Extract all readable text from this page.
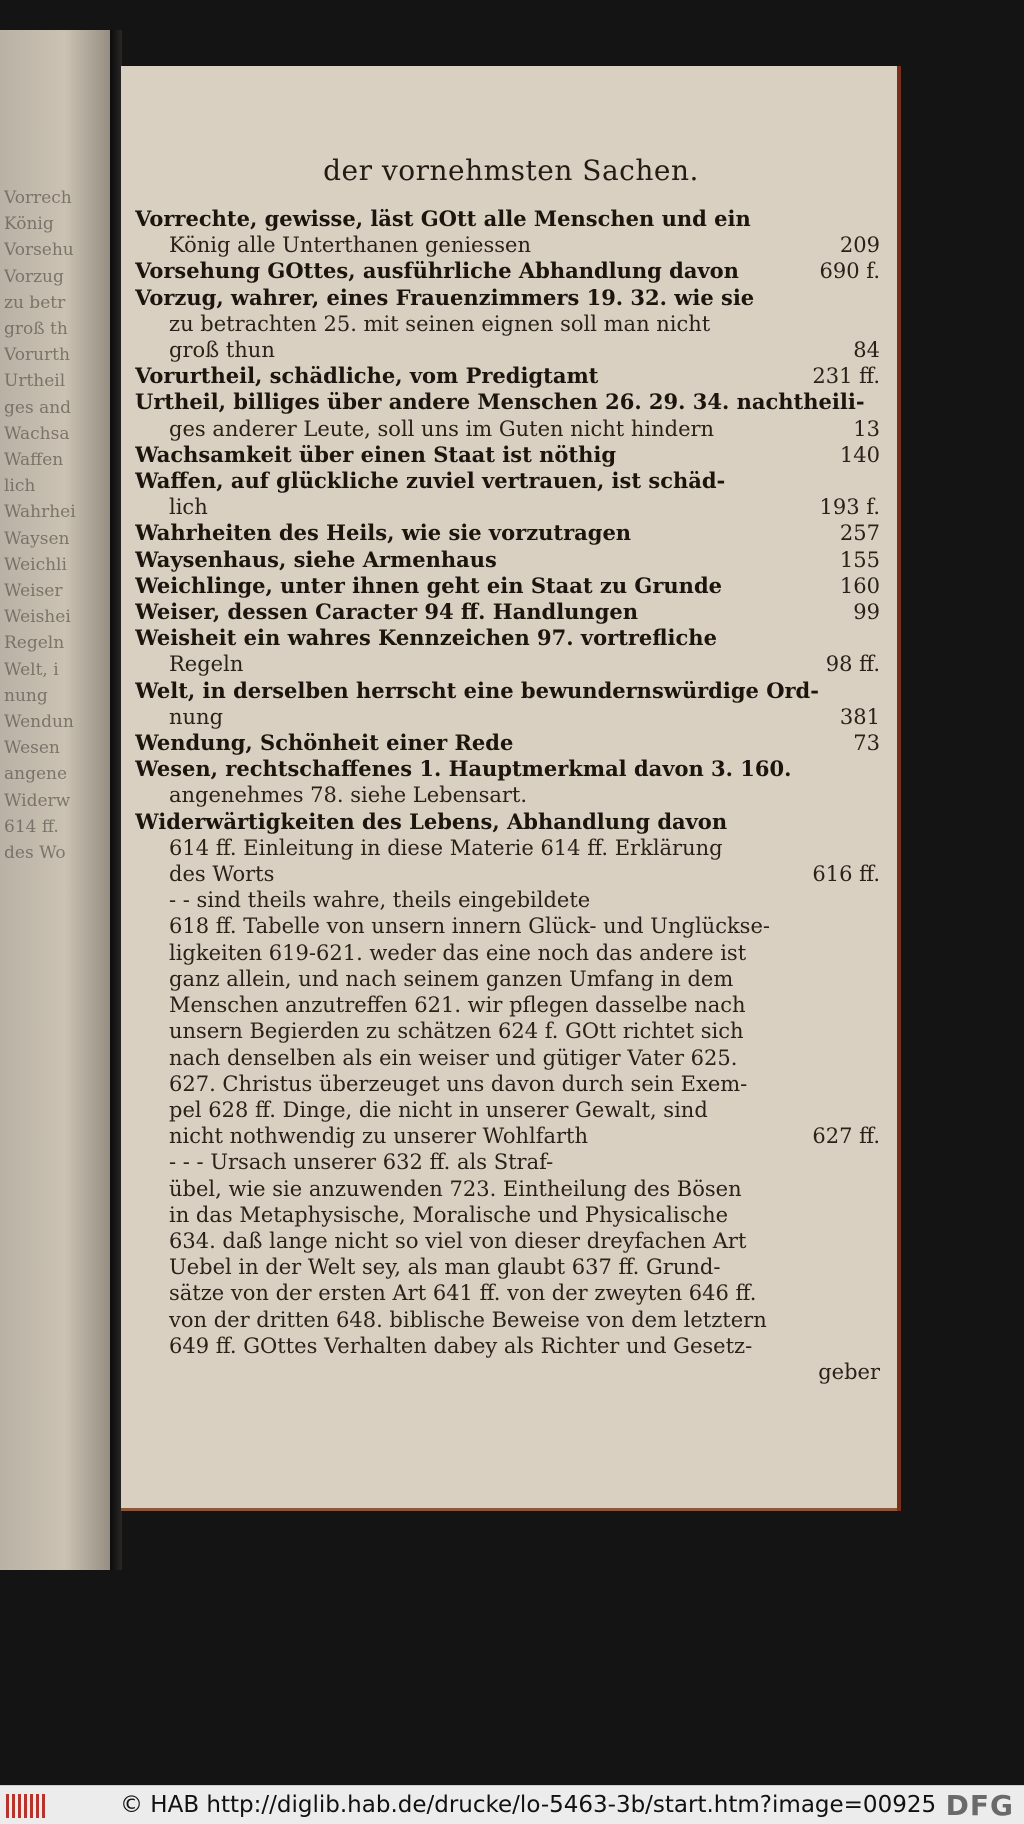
Vorrech
König
Vorsehu
Vorzug
zu betr
groß th
Vorurth
Urtheil
ges and
Wachsa
Waffen
lich
Wahrhei
Waysen
Weichli
Weiser
Weishei
Regeln
Welt, i
nung
Wendun
Wesen
angene
Widerw
614 ff.
des Wo
der vornehmsten Sachen.
Vorrechte, gewisse, läst GOtt alle Menschen und ein
209
König alle Unterthanen geniessen
690 f.
Vorsehung GOttes, ausführliche Abhandlung davon
Vorzug, wahrer, eines Frauenzimmers 19. 32. wie sie
zu betrachten 25. mit seinen eignen soll man nicht
84
groß thun
231 ff.
Vorurtheil, schädliche, vom Predigtamt
Urtheil, billiges über andere Menschen 26. 29. 34. nachtheili-
13
ges anderer Leute, soll uns im Guten nicht hindern
140
Wachsamkeit über einen Staat ist nöthig
Waffen, auf glückliche zuviel vertrauen, ist schäd-
193 f.
lich
257
Wahrheiten des Heils, wie sie vorzutragen
155
Waysenhaus, siehe Armenhaus
160
Weichlinge, unter ihnen geht ein Staat zu Grunde
99
Weiser, dessen Caracter 94 ff. Handlungen
Weisheit ein wahres Kennzeichen 97. vortrefliche
98 ff.
Regeln
Welt, in derselben herrscht eine bewundernswürdige Ord-
381
nung
73
Wendung, Schönheit einer Rede
Wesen, rechtschaffenes 1. Hauptmerkmal davon 3. 160.
angenehmes 78. siehe Lebensart.
Widerwärtigkeiten des Lebens, Abhandlung davon
614 ff. Einleitung in diese Materie 614 ff. Erklärung
616 ff.
des Worts
- - sind theils wahre, theils eingebildete
618 ff. Tabelle von unsern innern Glück- und Unglückse-
ligkeiten 619-621. weder das eine noch das andere ist
ganz allein, und nach seinem ganzen Umfang in dem
Menschen anzutreffen 621. wir pflegen dasselbe nach
unsern Begierden zu schätzen 624 f. GOtt richtet sich
nach denselben als ein weiser und gütiger Vater 625.
627. Christus überzeuget uns davon durch sein Exem-
pel 628 ff. Dinge, die nicht in unserer Gewalt, sind
627 ff.
nicht nothwendig zu unserer Wohlfarth
- - - Ursach unserer 632 ff. als Straf-
übel, wie sie anzuwenden 723. Eintheilung des Bösen
in das Metaphysische, Moralische und Physicalische
634. daß lange nicht so viel von dieser dreyfachen Art
Uebel in der Welt sey, als man glaubt 637 ff. Grund-
sätze von der ersten Art 641 ff. von der zweyten 646 ff.
von der dritten 648. biblische Beweise von dem letztern
649 ff. GOttes Verhalten dabey als Richter und Gesetz-
geber
© HAB http://diglib.hab.de/drucke/lo-5463-3b/start.htm?image=00925 DFG
